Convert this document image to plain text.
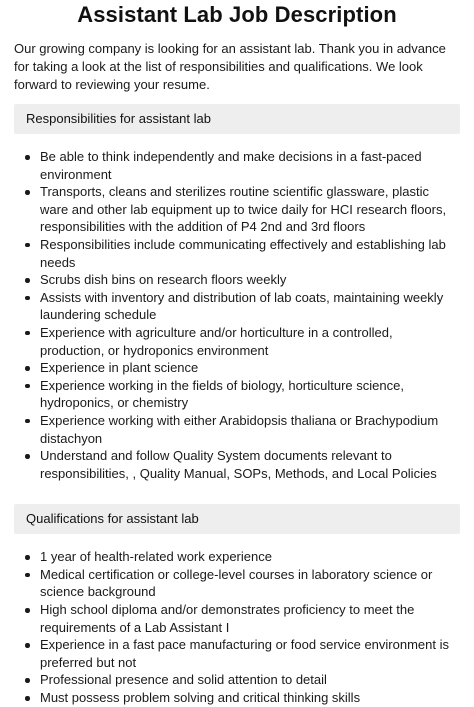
Assistant Lab Job Description

Our growing company is looking for an assistant lab. Thank you in advance for taking a look at the list of responsibilities and qualifications. We look forward to reviewing your resume.

Responsibilities for assistant lab
Be able to think independently and make decisions in a fast-paced environment
Transports, cleans and sterilizes routine scientific glassware, plastic ware and other lab equipment up to twice daily for HCI research floors, responsibilities with the addition of P4 2nd and 3rd floors
Responsibilities include communicating effectively and establishing lab needs
Scrubs dish bins on research floors weekly
Assists with inventory and distribution of lab coats, maintaining weekly laundering schedule
Experience with agriculture and/or horticulture in a controlled, production, or hydroponics environment
Experience in plant science
Experience working in the fields of biology, horticulture science, hydroponics, or chemistry
Experience working with either Arabidopsis thaliana or Brachypodium distachyon
Understand and follow Quality System documents relevant to responsibilities, , Quality Manual, SOPs, Methods, and Local Policies
Qualifications for assistant lab
1 year of health-related work experience
Medical certification or college-level courses in laboratory science or science background
High school diploma and/or demonstrates proficiency to meet the requirements of a Lab Assistant I
Experience in a fast pace manufacturing or food service environment is preferred but not
Professional presence and solid attention to detail
Must possess problem solving and critical thinking skills
